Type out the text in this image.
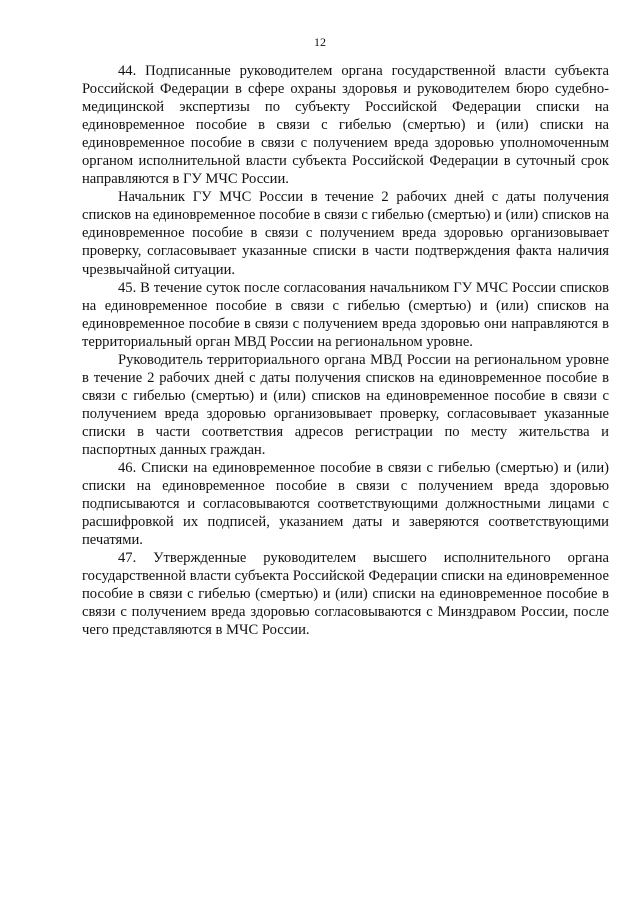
12

44. Подписанные руководителем органа государственной власти субъекта Российской Федерации в сфере охраны здоровья и руководителем бюро судебно-медицинской экспертизы по субъекту Российской Федерации списки на единовременное пособие в связи с гибелью (смертью) и (или) списки на единовременное пособие в связи с получением вреда здоровью уполномоченным органом исполнительной власти субъекта Российской Федерации в суточный срок направляются в ГУ МЧС России.

Начальник ГУ МЧС России в течение 2 рабочих дней с даты получения списков на единовременное пособие в связи с гибелью (смертью) и (или) списков на единовременное пособие в связи с получением вреда здоровью организовывает проверку, согласовывает указанные списки в части подтверждения факта наличия чрезвычайной ситуации.

45. В течение суток после согласования начальником ГУ МЧС России списков на единовременное пособие в связи с гибелью (смертью) и (или) списков на единовременное пособие в связи с получением вреда здоровью они направляются в территориальный орган МВД России на региональном уровне.

Руководитель территориального органа МВД России на региональном уровне в течение 2 рабочих дней с даты получения списков на единовременное пособие в связи с гибелью (смертью) и (или) списков на единовременное пособие в связи с получением вреда здоровью организовывает проверку, согласовывает указанные списки в части соответствия адресов регистрации по месту жительства и паспортных данных граждан.

46. Списки на единовременное пособие в связи с гибелью (смертью) и (или) списки на единовременное пособие в связи с получением вреда здоровью подписываются и согласовываются соответствующими должностными лицами с расшифровкой их подписей, указанием даты и заверяются соответствующими печатями.

47. Утвержденные руководителем высшего исполнительного органа государственной власти субъекта Российской Федерации списки на единовременное пособие в связи с гибелью (смертью) и (или) списки на единовременное пособие в связи с получением вреда здоровью согласовываются с Минздравом России, после чего представляются в МЧС России.
